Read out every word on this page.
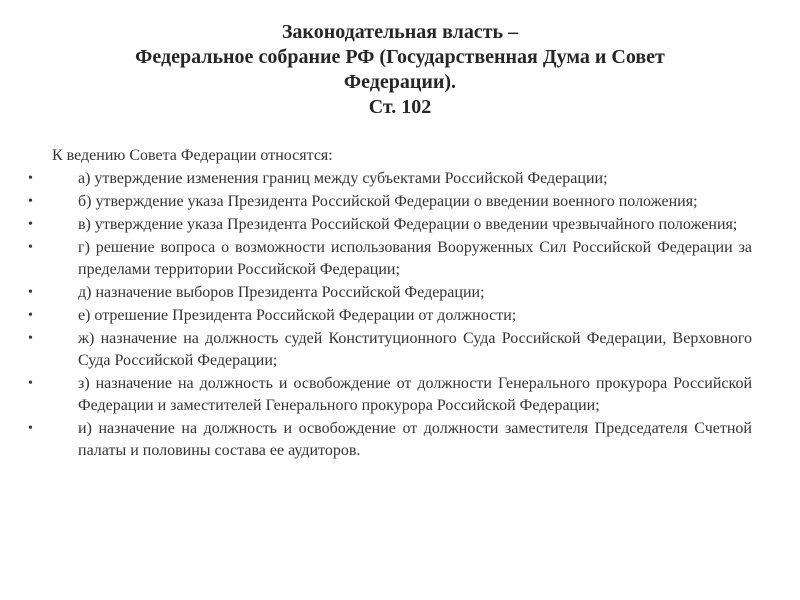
Законодательная власть –
Федеральное собрание РФ (Государственная Дума и Совет
Федерации).
Ст. 102
К ведению Совета Федерации относятся:
•	а) утверждение изменения границ между субъектами Российской Федерации;
•	б) утверждение указа Президента Российской Федерации о введении военного положения;
•	в) утверждение указа Президента Российской Федерации о введении чрезвычайного положения;
•	г) решение вопроса о возможности использования Вооруженных Сил Российской Федерации за пределами территории Российской Федерации;
•	д) назначение выборов Президента Российской Федерации;
•	е) отрешение Президента Российской Федерации от должности;
•	ж) назначение на должность судей Конституционного Суда Российской Федерации, Верховного Суда Российской Федерации;
•	з) назначение на должность и освобождение от должности Генерального прокурора Российской Федерации и заместителей Генерального прокурора Российской Федерации;
•	и) назначение на должность и освобождение от должности заместителя Председателя Счетной палаты и половины состава ее аудиторов.
